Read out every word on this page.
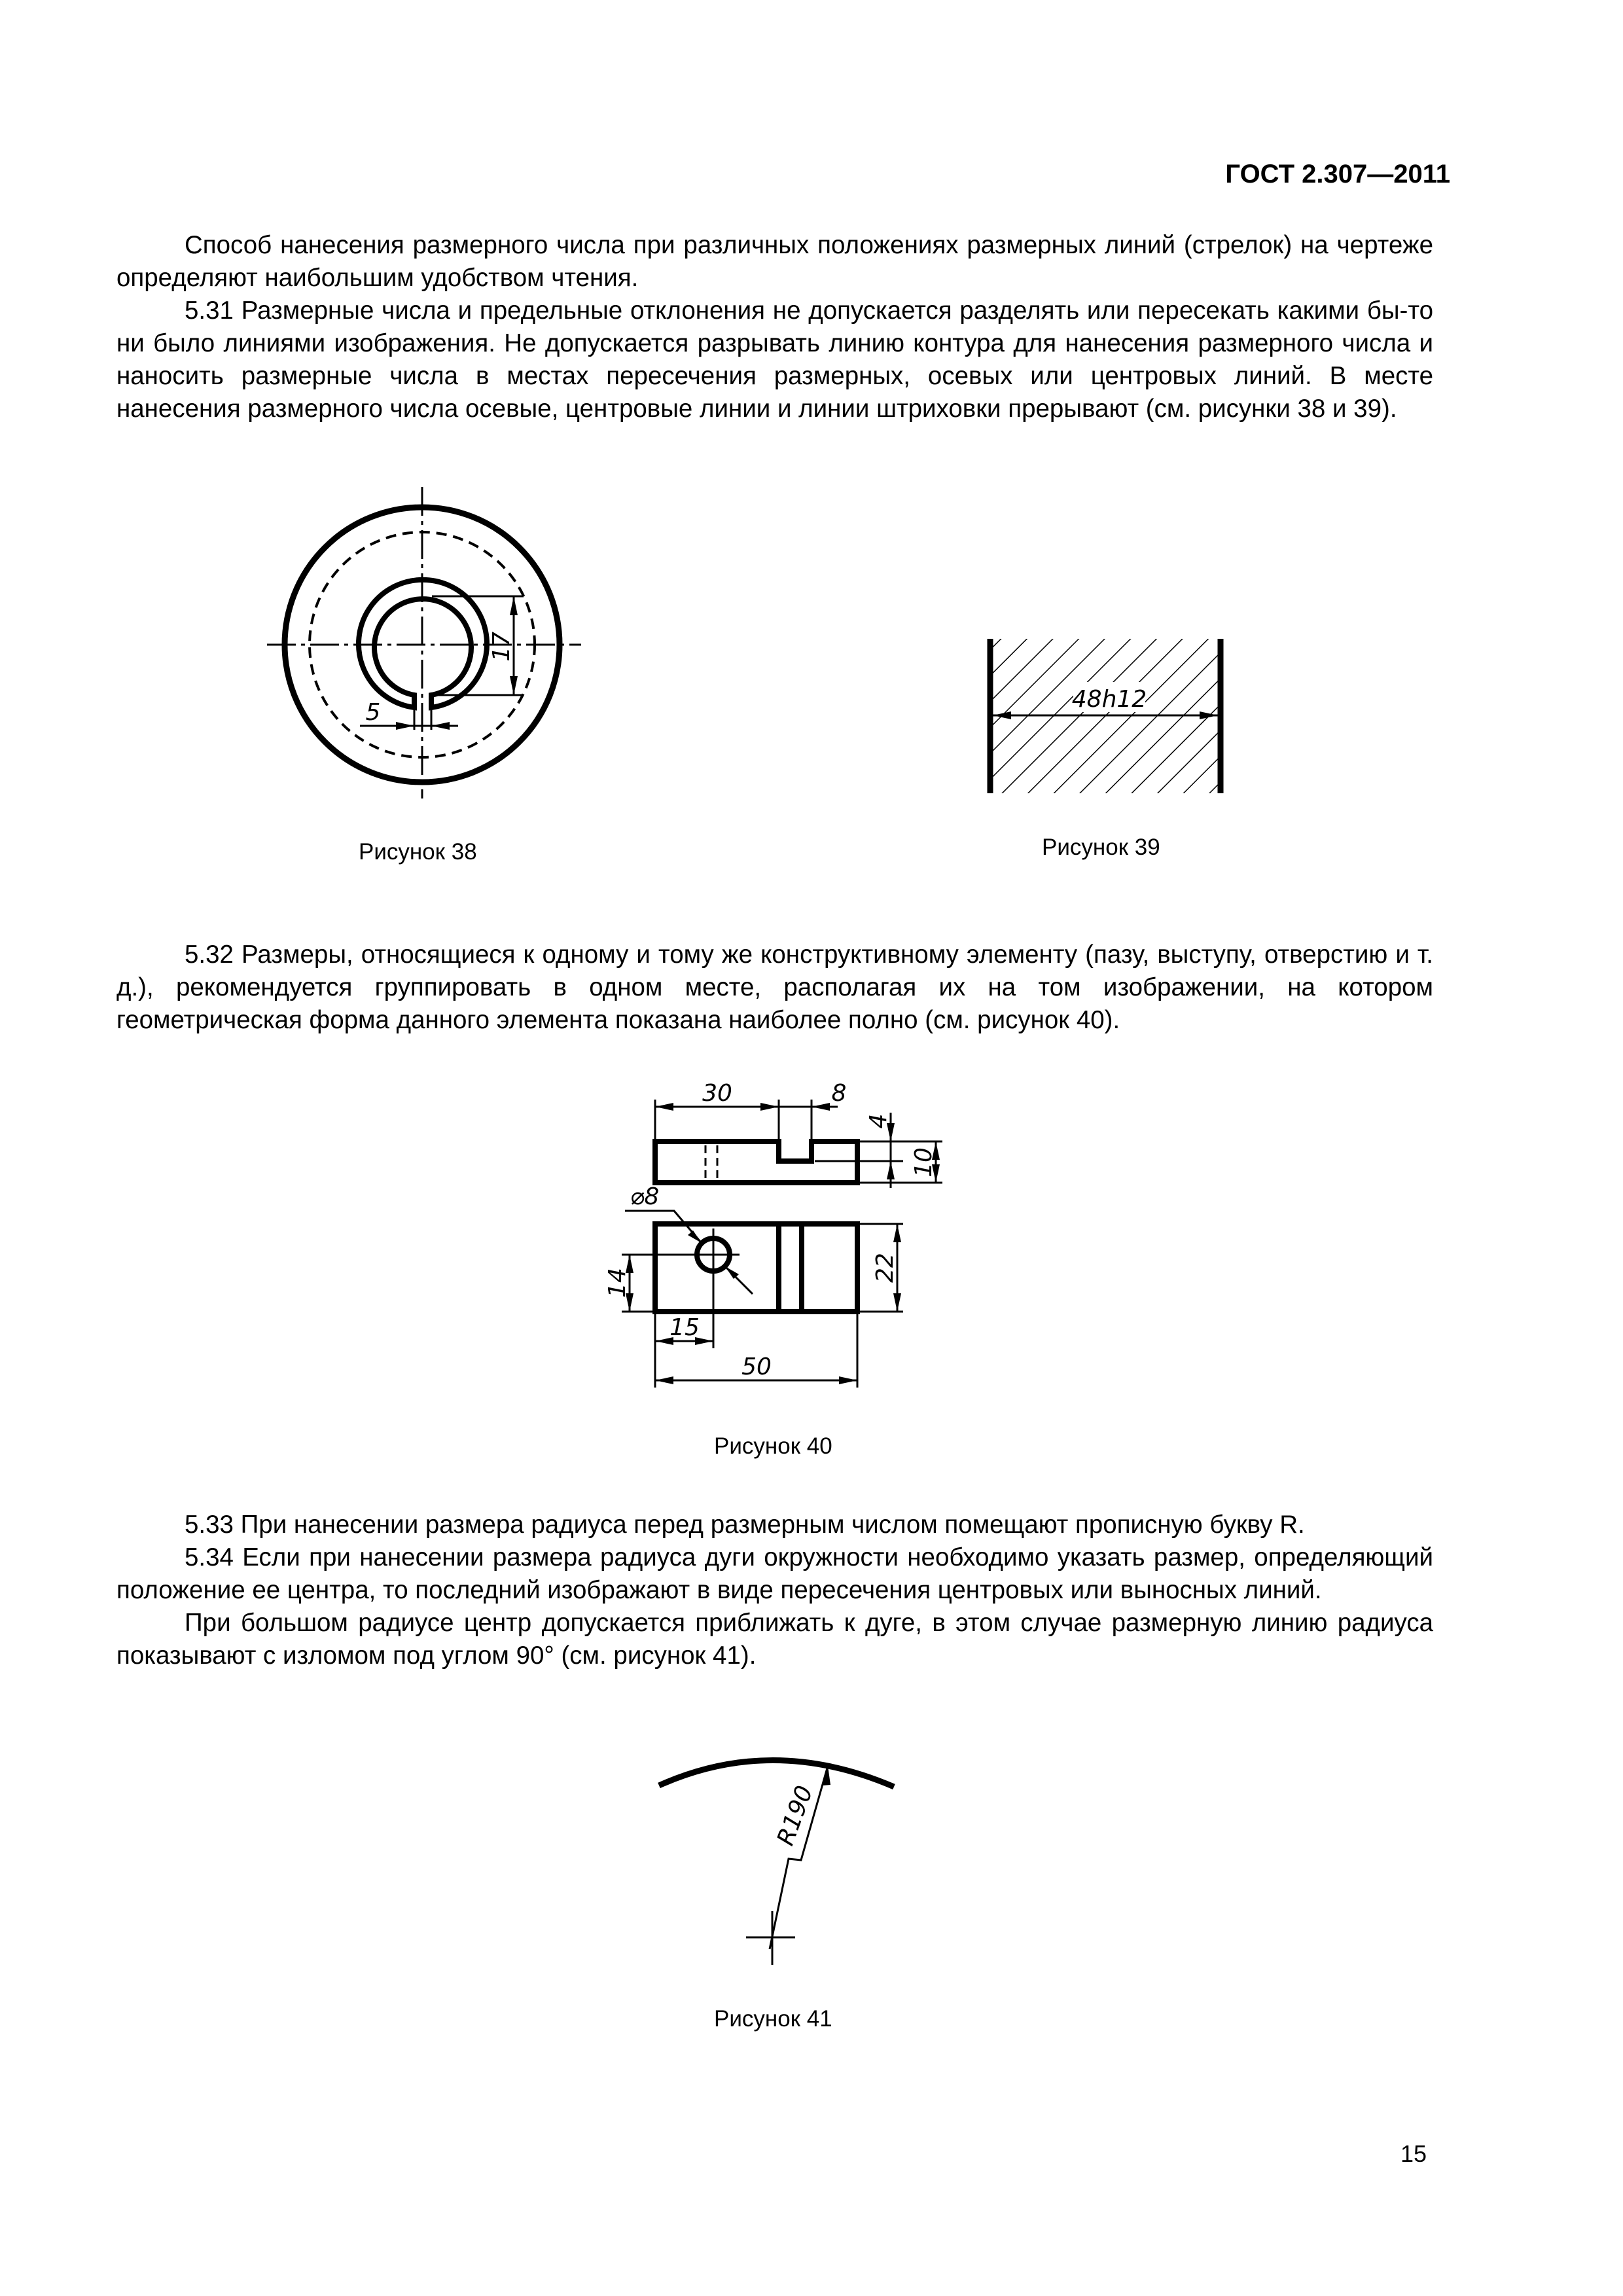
ГОСТ 2.307—2011

Способ нанесения размерного числа при различных положениях размерных линий (стрелок) на чертеже определяют наибольшим удобством чтения.

5.31 Размерные числа и предельные отклонения не допускается разделять или пересекать какими бы-то ни было линиями изображения. Не допускается разрывать линию контура для нанесения размерного числа и наносить размерные числа в местах пересечения размерных, осевых или центровых линий. В месте нанесения размерного числа осевые, центровые линии и линии штриховки прерывают (см. рисунки 38 и 39).

17
5
Рисунок 38
48h12
Рисунок 39

5.32 Размеры, относящиеся к одному и тому же конструктивному элементу (пазу, выступу, отверстию и т. д.), рекомендуется группировать в одном месте, располагая их на том изображении, на котором геометрическая форма данного элемента показана наиболее полно (см. рисунок 40).

30	8
4
10
⌀8
14
22
15
50
Рисунок 40

5.33 При нанесении размера радиуса перед размерным числом помещают прописную букву R.

5.34 Если при нанесении размера радиуса дуги окружности необходимо указать размер, определяющий положение ее центра, то последний изображают в виде пересечения центровых или выносных линий.

При большом радиусе центр допускается приближать к дуге, в этом случае размерную линию радиуса показывают с изломом под углом 90° (см. рисунок 41).

R190
Рисунок 41
15
